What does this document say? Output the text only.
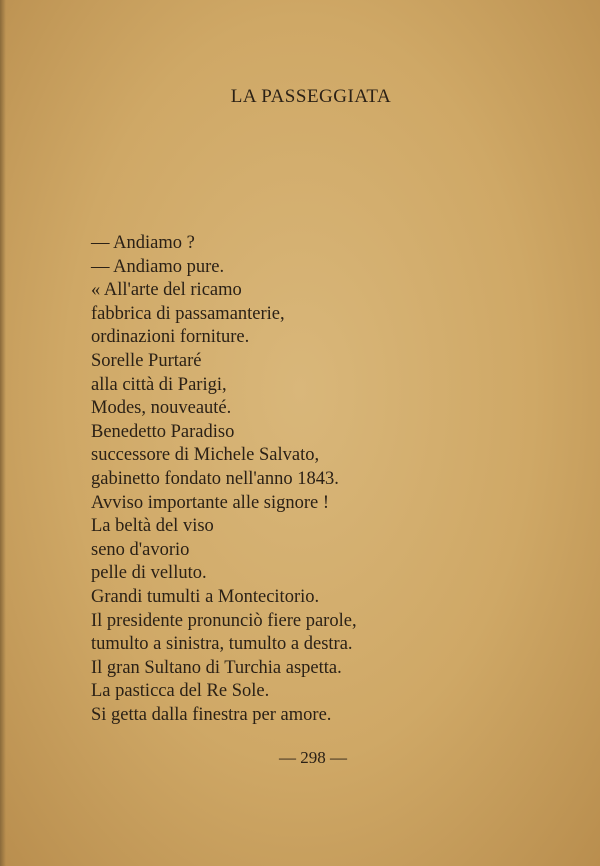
LA PASSEGGIATA
— Andiamo ?
— Andiamo pure.
« All'arte del ricamo
fabbrica di passamanterie,
ordinazioni forniture.
Sorelle Purtaré
alla città di Parigi,
Modes, nouveauté.
Benedetto Paradiso
successore di Michele Salvato,
gabinetto fondato nell'anno 1843.
Avviso importante alle signore !
La beltà del viso
seno d'avorio
pelle di velluto.
Grandi tumulti a Montecitorio.
Il presidente pronunciò fiere parole,
tumulto a sinistra, tumulto a destra.
Il gran Sultano di Turchia aspetta.
La pasticca del Re Sole.
Si getta dalla finestra per amore.
— 298 —
